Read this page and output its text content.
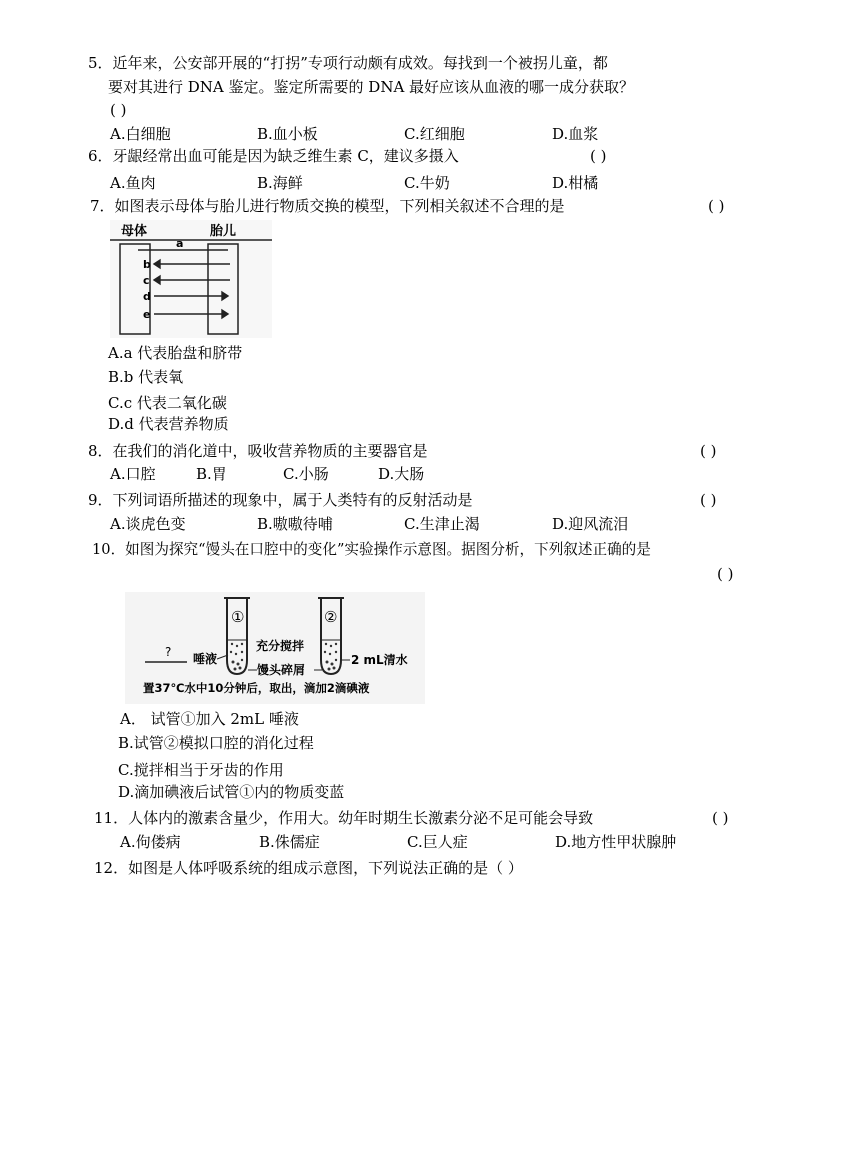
5．近年来，公安部开展的“打拐”专项行动颇有成效。每找到一个被拐儿童，都
要对其进行 DNA 鉴定。鉴定所需要的 DNA 最好应该从血液的哪一成分获取？
( )
A.白细胞	B.血小板	C.红细胞	D.血浆
6．牙龈经常出血可能是因为缺乏维生素 C，建议多摄入	( )
A.鱼肉	B.海鲜	C.牛奶	D.柑橘
7．如图表示母体与胎儿进行物质交换的模型，下列相关叙述不合理的是	( )
母体	胎儿
a
b
c
d
e
A.a 代表胎盘和脐带
B.b 代表氧
C.c 代表二氧化碳
D.d 代表营养物质
8．在我们的消化道中，吸收营养物质的主要器官是	( )
A.口腔	B.胃	C.小肠	D.大肠
9．下列词语所描述的现象中，属于人类特有的反射活动是	( )
A.谈虎色变	B.嗷嗷待哺	C.生津止渴	D.迎风流泪
10．如图为探究“馒头在口腔中的变化”实验操作示意图。据图分析，下列叙述正确的是
( )
①	②
? 唾液
充分搅拌
馒头碎屑
2 mL清水
置37℃水中10分钟后，取出，滴加2滴碘液
A． 试管①加入 2mL 唾液
B.试管②模拟口腔的消化过程
C.搅拌相当于牙齿的作用
D.滴加碘液后试管①内的物质变蓝
11．人体内的激素含量少，作用大。幼年时期生长激素分泌不足可能会导致	( )
A.佝偻病	B.侏儒症	C.巨人症	D.地方性甲状腺肿
12．如图是人体呼吸系统的组成示意图，下列说法正确的是（ ）
